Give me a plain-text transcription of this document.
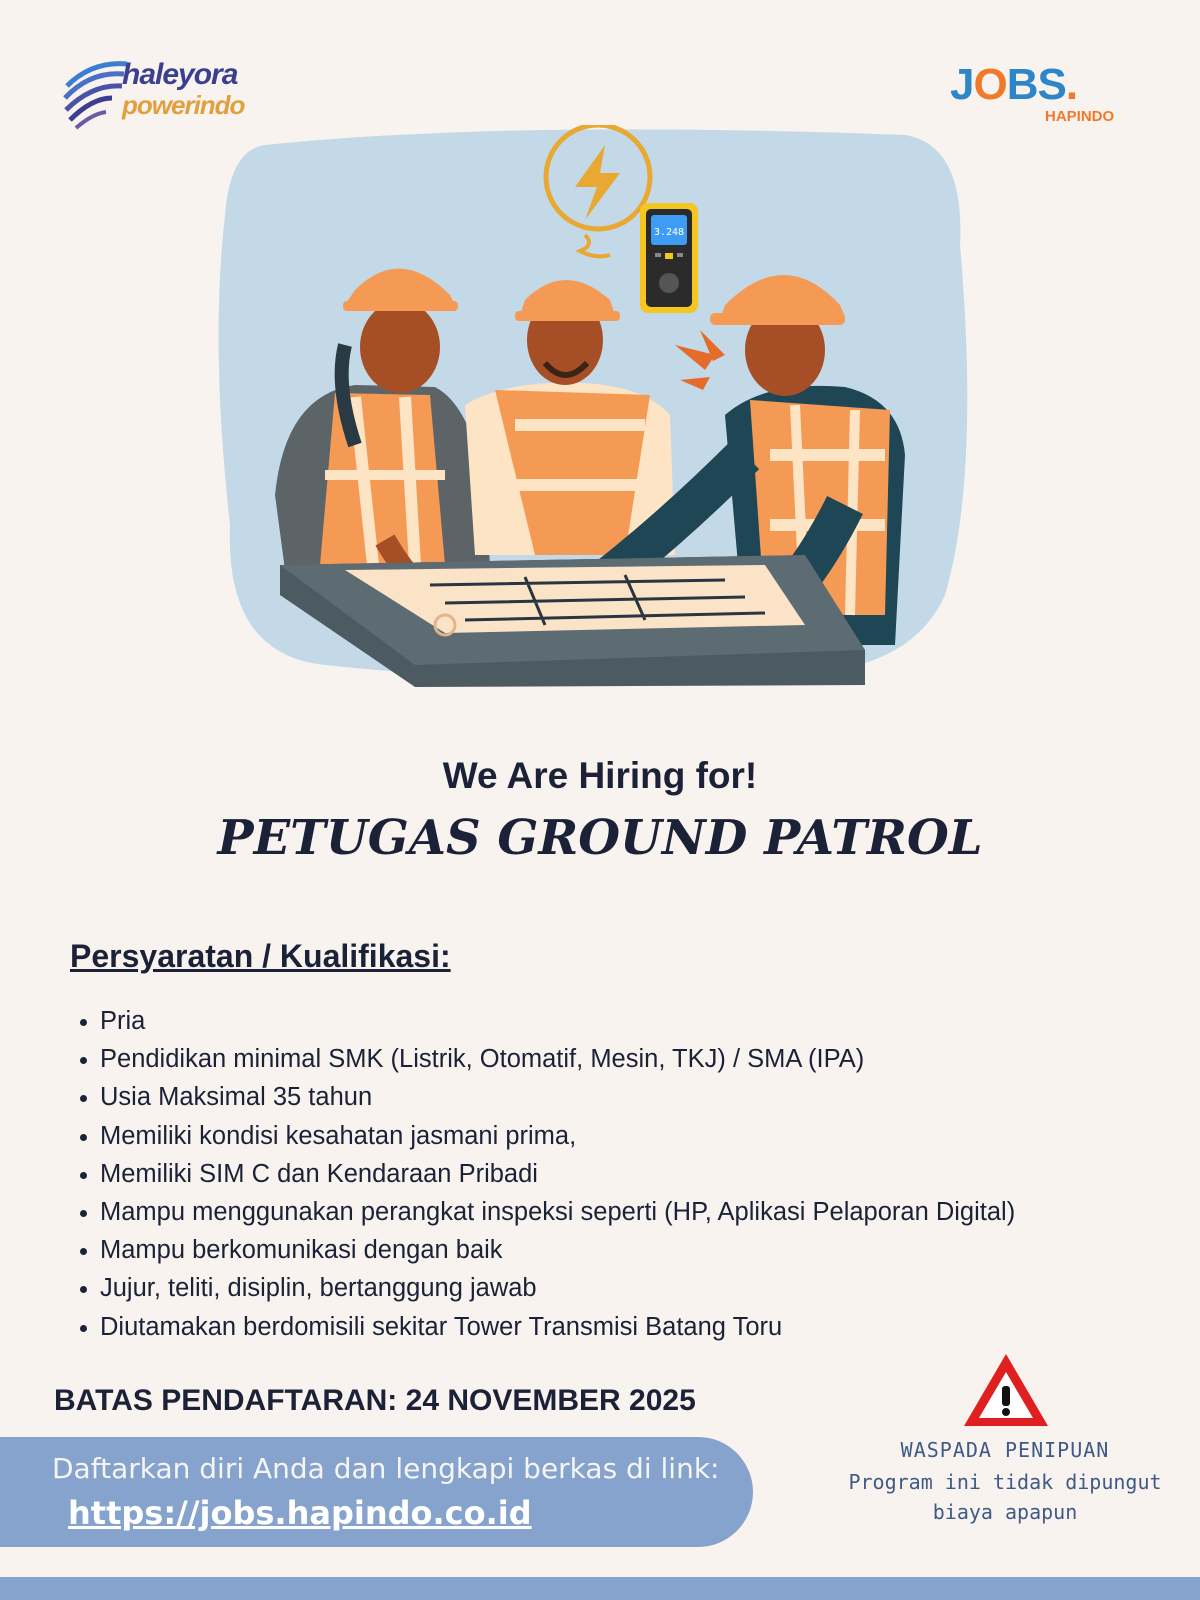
haleyora
powerindo	JOBS.
HAPINDO
3.248
We Are Hiring for!
PETUGAS GROUND PATROL
Persyaratan / Kualifikasi:
Pria
Pendidikan minimal SMK (Listrik, Otomatif, Mesin, TKJ) / SMA (IPA)
Usia Maksimal 35 tahun
Memiliki kondisi kesahatan jasmani prima,
Memiliki SIM C dan Kendaraan Pribadi
Mampu menggunakan perangkat inspeksi seperti (HP, Aplikasi Pelaporan Digital)
Mampu berkomunikasi dengan baik
Jujur, teliti, disiplin, bertanggung jawab
Diutamakan berdomisili sekitar Tower Transmisi Batang Toru
BATAS PENDAFTARAN: 24 NOVEMBER 2025
Daftarkan diri Anda dan lengkapi berkas di link:
https://jobs.hapindo.co.id
WASPADA PENIPUAN
Program ini tidak dipungut
biaya apapun
